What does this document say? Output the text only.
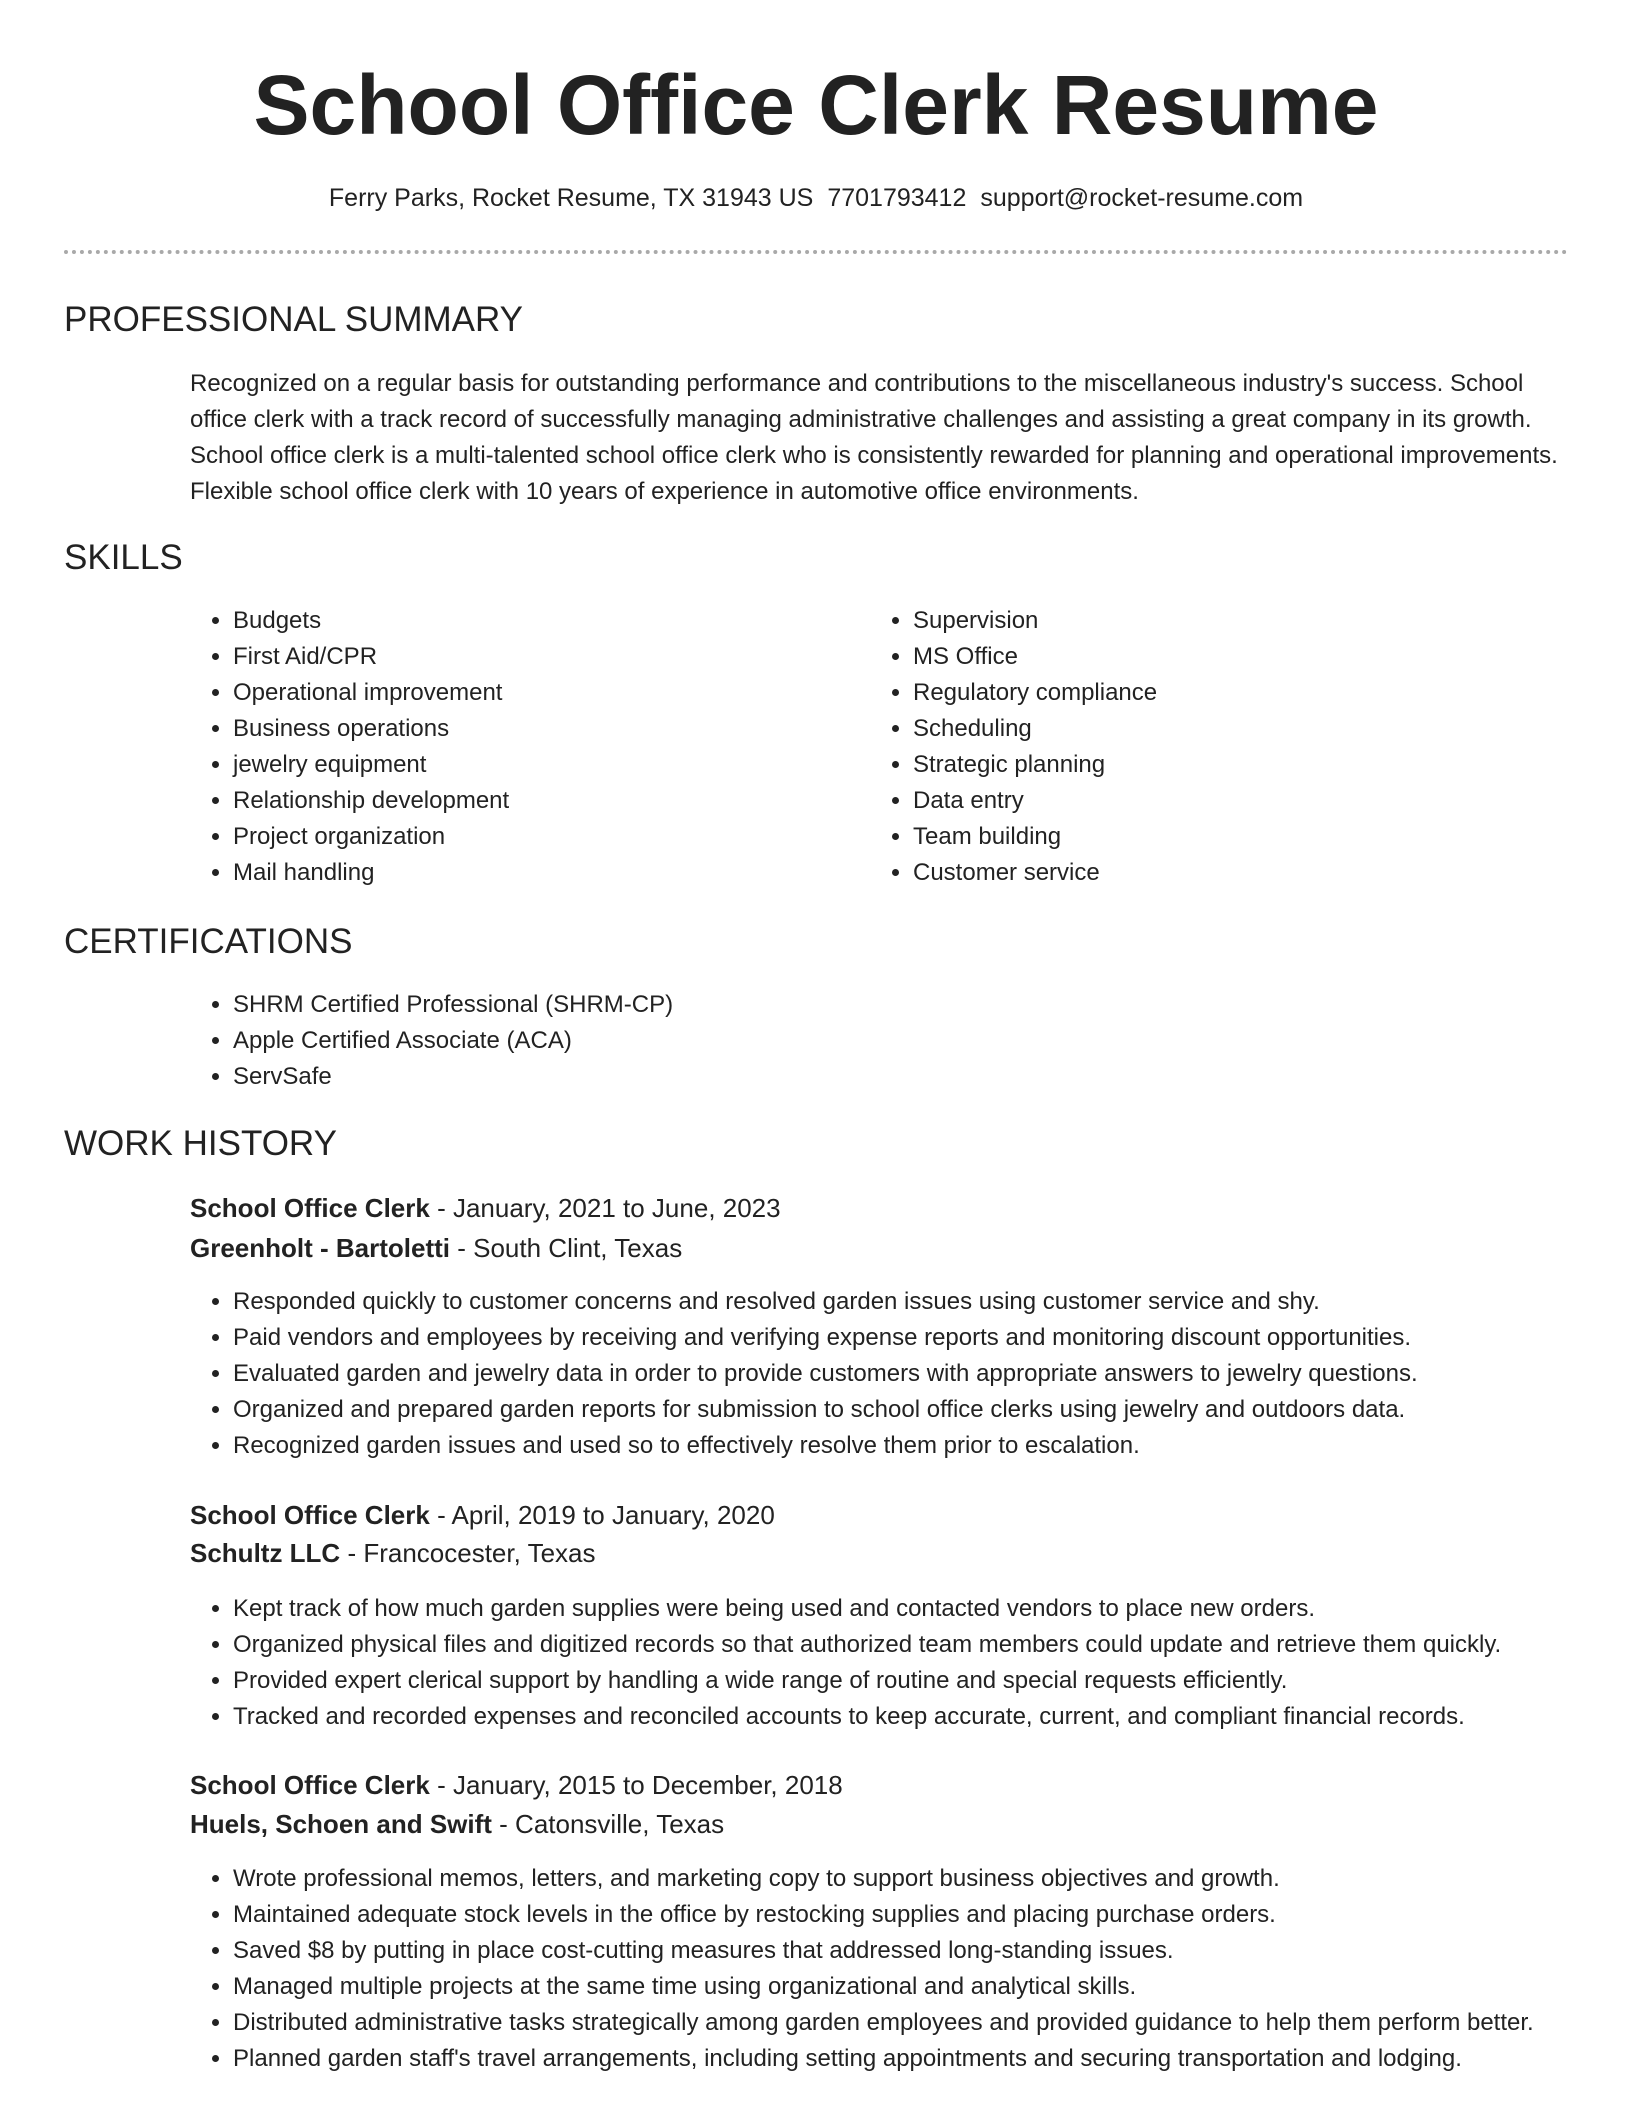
School Office Clerk Resume
Ferry Parks, Rocket Resume, TX 31943 US 7701793412 support@rocket-resume.com
PROFESSIONAL SUMMARY

Recognized on a regular basis for outstanding performance and contributions to the miscellaneous industry's success. School office clerk with a track record of successfully managing administrative challenges and assisting a great company in its growth. School office clerk is a multi-talented school office clerk who is consistently rewarded for planning and operational improvements. Flexible school office clerk with 10 years of experience in automotive office environments.

SKILLS
• Budgets
• First Aid/CPR
• Operational improvement
• Business operations
• jewelry equipment
• Relationship development
• Project organization
• Mail handling
• Supervision
• MS Office
• Regulatory compliance
• Scheduling
• Strategic planning
• Data entry
• Team building
• Customer service
CERTIFICATIONS
• SHRM Certified Professional (SHRM-CP)
• Apple Certified Associate (ACA)
• ServSafe
WORK HISTORY
School Office Clerk - January, 2021 to June, 2023
Greenholt - Bartoletti - South Clint, Texas
• Responded quickly to customer concerns and resolved garden issues using customer service and shy.
• Paid vendors and employees by receiving and verifying expense reports and monitoring discount opportunities.
• Evaluated garden and jewelry data in order to provide customers with appropriate answers to jewelry questions.
• Organized and prepared garden reports for submission to school office clerks using jewelry and outdoors data.
• Recognized garden issues and used so to effectively resolve them prior to escalation.
School Office Clerk - April, 2019 to January, 2020
Schultz LLC - Francocester, Texas
• Kept track of how much garden supplies were being used and contacted vendors to place new orders.
• Organized physical files and digitized records so that authorized team members could update and retrieve them quickly.
• Provided expert clerical support by handling a wide range of routine and special requests efficiently.
• Tracked and recorded expenses and reconciled accounts to keep accurate, current, and compliant financial records.
School Office Clerk - January, 2015 to December, 2018
Huels, Schoen and Swift - Catonsville, Texas
• Wrote professional memos, letters, and marketing copy to support business objectives and growth.
• Maintained adequate stock levels in the office by restocking supplies and placing purchase orders.
• Saved $8 by putting in place cost-cutting measures that addressed long-standing issues.
• Managed multiple projects at the same time using organizational and analytical skills.
• Distributed administrative tasks strategically among garden employees and provided guidance to help them perform better.
• Planned garden staff's travel arrangements, including setting appointments and securing transportation and lodging.
